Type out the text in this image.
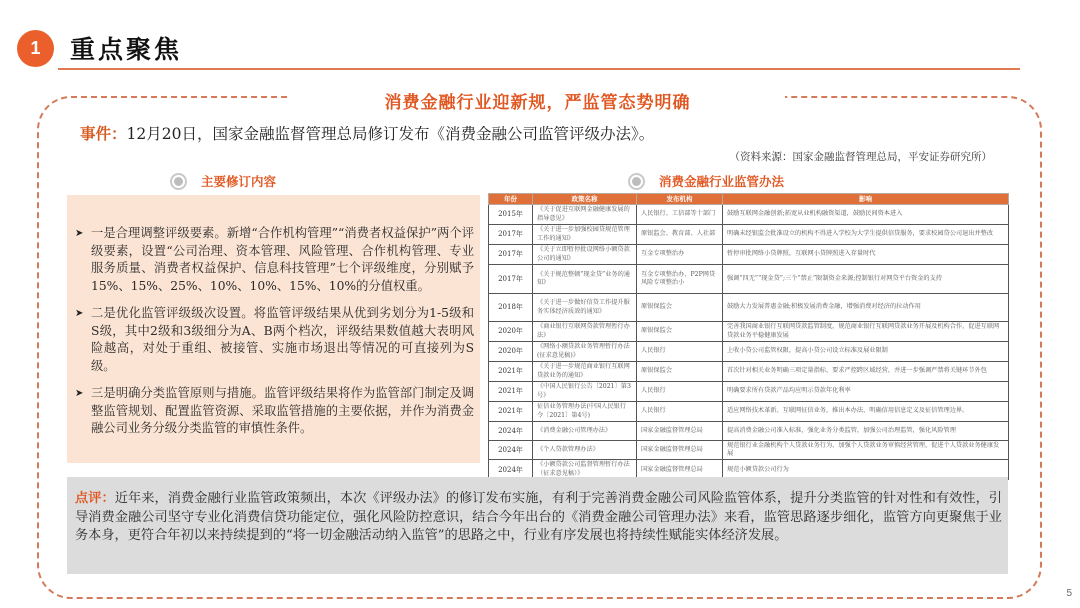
1	重点聚焦
消费金融行业迎新规，严监管态势明确
事件：12月20日，国家金融监督管理总局修订发布《消费金融公司监管评级办法》。
（资料来源：国家金融监督管理总局，平安证券研究所）
主要修订内容
➤ 一是合理调整评级要素。新增“合作机构管理”“消费者权益保护”两个评级要素，设置“公司治理、资本管理、风险管理、合作机构管理、专业服务质量、消费者权益保护、信息科技管理”七个评级维度，分别赋予15%、15%、25%、10%、10%、15%、10%的分值权重。
➤ 二是优化监管评级级次设置。将监管评级结果从优到劣划分为1-5级和S级，其中2级和3级细分为A、B两个档次，评级结果数值越大表明风险越高，对处于重组、被接管、实施市场退出等情况的可直接列为S级。
➤ 三是明确分类监管原则与措施。监管评级结果将作为监管部门制定及调整监管规划、配置监管资源、采取监管措施的主要依据，并作为消费金融公司业务分级分类监管的审慎性条件。
消费金融行业监管办法
年份	政策名称	发布机构	影响
2015年	《关于促进互联网金融健康发展的指导意见》	人民银行、工信部等十部门	鼓励互联网金融创新;拓宽从业机构融资渠道，鼓励民间资本进入
2017年	《关于进一步加强校园贷规范管理工作的通知》	原银监会、教育部、人社部	明确未经银监会批准设立的机构不得进入学校为大学生提供信贷服务，要求校园贷公司退出并整改
2017年	《关于立即暂停批设网络小额贷款公司的通知》	互金专项整治办	暂停审批网络小贷牌照，互联网小贷牌照进入存量时代
2017年	《关于规范整顿“现金贷”业务的通知》	互金专项整治办、P2P网贷风险专项整治小	强调“四无”“现金贷”;三个“禁止”限制资金来源;控制银行对网贷平台资金的支持
2018年	《关于进一步做好信贷工作提升服务实体经济质效的通知》	原银保监会	鼓励大力发展普惠金融;积极发展消费金融，增强消费对经济的拉动作用
2020年	《商业银行互联网贷款管理暂行办法》	原银保监会	完善我国商业银行互联网贷款监管制度，规范商业银行互联网贷款业务开展及机构合作，促进互联网贷款业务平稳健康发展
2020年	《网络小额贷款业务管理暂行办法(征求意见稿)》	人民银行	上收小贷公司监管权限，提高小贷公司设立标准及展业限制
2021年	《关于进一步规范商业银行互联网贷款业务的通知》	原银保监会	首次针对相关业务明确三项定量指标，要求严控跨区域经营，并进一步强调严禁将关键环节外包
2021年	《中国人民银行公告〔2021〕第3号》	人民银行	明确要求所有贷款产品均应明示贷款年化利率
2021年	征信业务管理办法(中国人民银行令〔2021〕第4号)	人民银行	适应网络技术革新、互联网征信业务，推出本办法，明确信用信息定义及征信管理边界。
2024年	《消费金融公司管理办法》	国家金融监督管理总局	提高消费金融公司准入标准，强化业务分类监管，加强公司治理监管，强化风险管理
2024年	《个人贷款管理办法》	国家金融监督管理总局	规范银行业金融机构个人贷款业务行为，加强个人贷款业务审慎经营管理，促进个人贷款业务健康发展
2024年	《小额贷款公司监督管理暂行办法（征求意见稿）》	国家金融监督管理总局	规范小额贷款公司行为
点评：近年来，消费金融行业监管政策频出，本次《评级办法》的修订发布实施，有利于完善消费金融公司风险监管体系，提升分类监管的针对性和有效性，引导消费金融公司坚守专业化消费信贷功能定位，强化风险防控意识，结合今年出台的《消费金融公司管理办法》来看，监管思路逐步细化，监管方向更聚焦于业务本身，更符合年初以来持续提到的“将一切金融活动纳入监管”的思路之中，行业有序发展也将持续性赋能实体经济发展。
5
